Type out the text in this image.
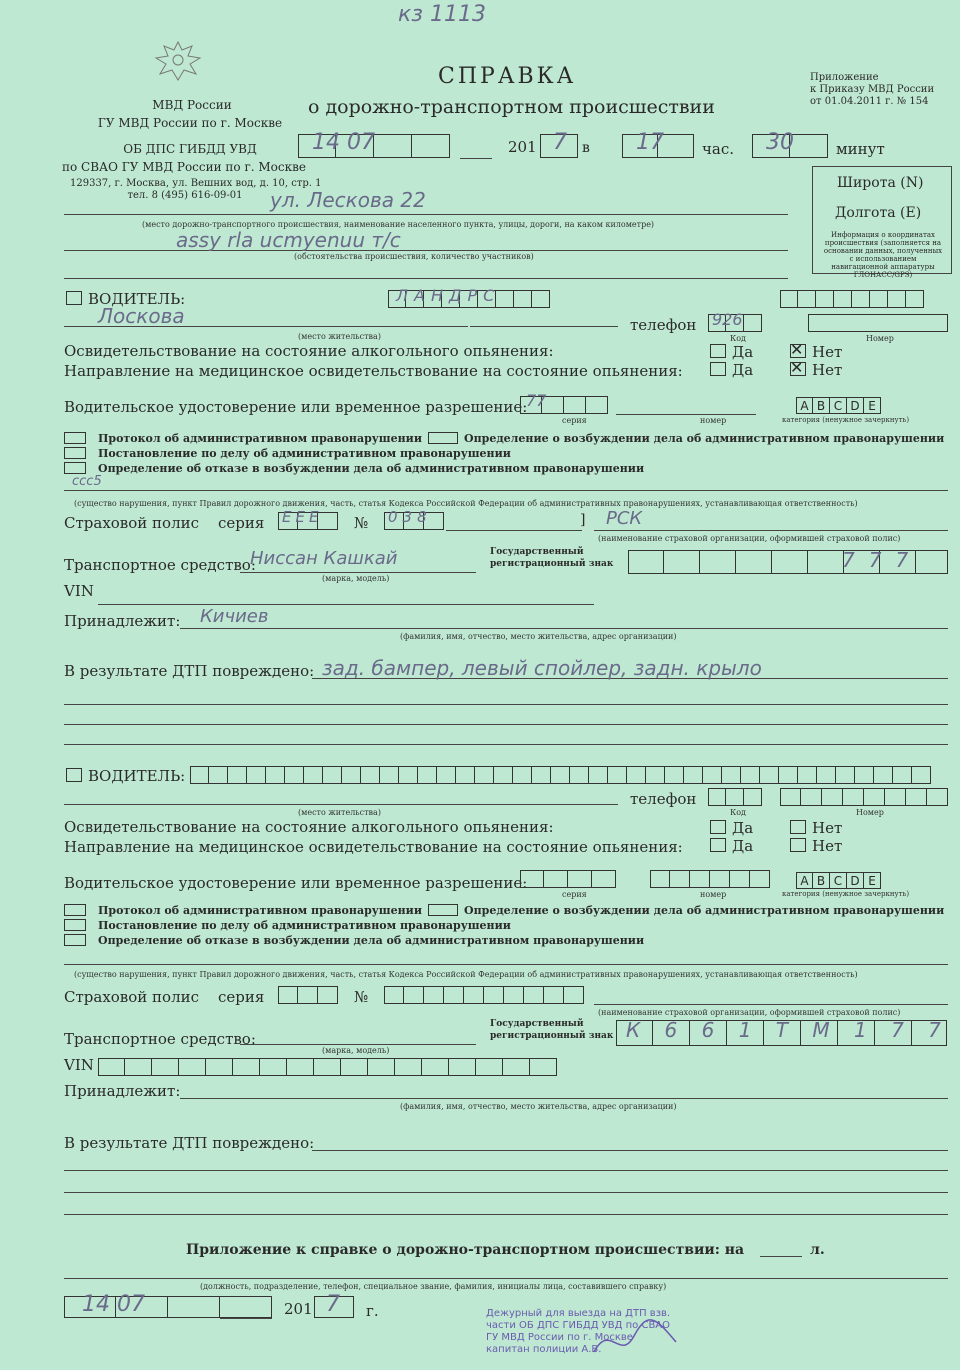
кз 1113
МВД России
ГУ МВД России по г. Москве
ОБ ДПС ГИБДД УВД
по СВАО ГУ МВД России по г. Москве
129337, г. Москва, ул. Вешних вод, д. 10, стр. 1
тел. 8 (495) 616-09-01
СПРАВКА
о дорожно-транспортном происшествии
Приложение
к Приказу МВД России
от 01.04.2011 г. № 154
14 07	201 7 в 17	час. 30	минут
Широта (N)
Долгота (E)
Информация о координатах происшествия (заполняется на основании данных, полученных с использованием навигационной аппаратуры ГЛОНАСС/GPS)
ул. Лескова 22
(место дорожно-транспортного происшествия, наименование населенного пункта, улицы, дороги, на каком километре)
assy rla ucmyenuu т/с
(обстоятельства происшествия, количество участников)
ВОДИТЕЛЬ:	ЛАНДРС
Лоскова
(место жительства)
телефон 926
Код	Номер
Освидетельствование на состояние алкогольного опьянения:	Да ✕ Нет
Направление на медицинское освидетельствование на состояние опьянения:	Да ✕ Нет
Водительское удостоверение или временное разрешение:
77
серия	номер
A B C D E
категория (ненужное зачеркнуть)
Протокол об административном правонарушении	Определение о возбуждении дела об административном правонарушении
Постановление по делу об административном правонарушении
Определение об отказе в возбуждении дела об административном правонарушении
ссс5
(существо нарушения, пункт Правил дорожного движения, часть, статья Кодекса Российской Федерации об административных правонарушениях, устанавливающая ответственность)
Страховой полис серия ЕЕЕ № 038	] РСК
(наименование страховой организации, оформившей страховой полис)
Транспортное средство:
Ниссан Кашкай
(марка, модель)
Государственный регистрационный знак	777
VIN
Принадлежит: Кичиев
(фамилия, имя, отчество, место жительства, адрес организации)
В результате ДТП повреждено: зад. бампер, левый спойлер, задн. крыло
ВОДИТЕЛЬ:
(место жительства)
телефон
Код	Номер
Освидетельствование на состояние алкогольного опьянения:	Да	Нет
Направление на медицинское освидетельствование на состояние опьянения:	Да	Нет
Водительское удостоверение или временное разрешение:
серия	номер
A B C D E
категория (ненужное зачеркнуть)
Протокол об административном правонарушении	Определение о возбуждении дела об административном правонарушении
Постановление по делу об административном правонарушении
Определение об отказе в возбуждении дела об административном правонарушении
(существо нарушения, пункт Правил дорожного движения, часть, статья Кодекса Российской Федерации об административных правонарушениях, устанавливающая ответственность)
Страховой полис серия	№
(наименование страховой организации, оформившей страховой полис)
Транспортное средство:
(марка, модель)
Государственный регистрационный знак К 6 6 1 Т М 1 7 7
VIN
Принадлежит:
(фамилия, имя, отчество, место жительства, адрес организации)
В результате ДТП повреждено:
Приложение к справке о дорожно-транспортном происшествии: на	л.
(должность, подразделение, телефон, специальное звание, фамилия, инициалы лица, составившего справку)
14 07	201 7 г.	Дежурный для выезда на ДТП взв.
части ОБ ДПС ГИБДД УВД по СВАО
ГУ МВД России по г. Москве
капитан полиции А.В.
